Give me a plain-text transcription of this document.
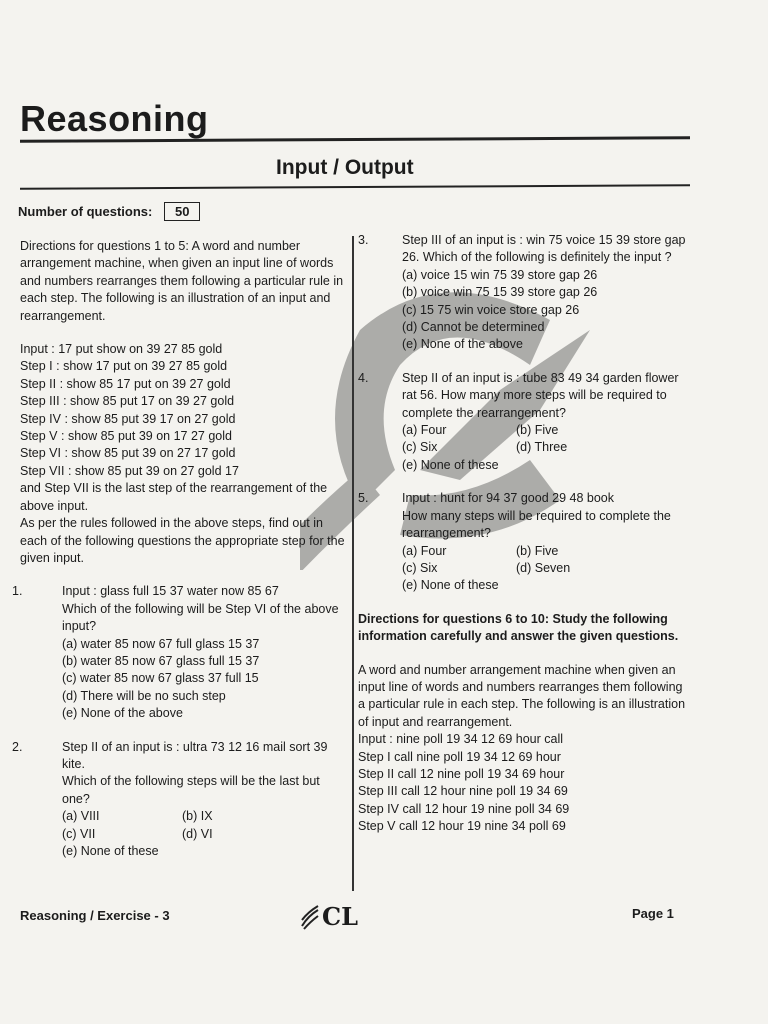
Reasoning
Input / Output
Number of questions: 50

Directions for questions 1 to 5: A word and number arrangement machine, when given an input line of words and numbers rearranges them following a particular rule in each step. The following is an illustration of an input and rearrangement.

Input : 17 put show on 39 27 85 gold

Step I : show 17 put on 39 27 85 gold

Step II : show 85 17 put on 39 27 gold

Step III : show 85 put 17 on 39 27 gold

Step IV : show 85 put 39 17 on 27 gold

Step V : show 85 put 39 on 17 27 gold

Step VI : show 85 put 39 on 27 17 gold

Step VII : show 85 put 39 on 27 gold 17

and Step VII is the last step of the rearrangement of the above input.

As per the rules followed in the above steps, find out in each of the following questions the appropriate step for the given input.

1.	Input : glass full 15 37 water now 85 67

Which of the following will be Step VI of the above input?

(a) water 85 now 67 full glass 15 37

(b) water 85 now 67 glass full 15 37

(c) water 85 now 67 glass 37 full 15

(d) There will be no such step

(e) None of the above

2.	Step II of an input is : ultra 73 12 16 mail sort 39 kite.

Which of the following steps will be the last but one?

(a) VIII	(b) IX
(c) VII	(d) VI

(e) None of these

3.	Step III of an input is : win 75 voice 15 39 store gap 26. Which of the following is definitely the input ?

(a) voice 15 win 75 39 store gap 26

(b) voice win 75 15 39 store gap 26

(c) 15 75 win voice store gap 26

(d) Cannot be determined

(e) None of the above

4.	Step II of an input is : tube 83 49 34 garden flower rat 56. How many more steps will be required to complete the rearrangement?

(a) Four	(b) Five
(c) Six	(d) Three

(e) None of these

5.	Input : hunt for 94 37 good 29 48 book

How many steps will be required to complete the rearrangement?

(a) Four	(b) Five
(c) Six	(d) Seven

(e) None of these

Directions for questions 6 to 10: Study the following information carefully and answer the given questions.

A word and number arrangement machine when given an input line of words and numbers rearranges them following a particular rule in each step. The following is an illustration of input and rearrangement.

Input : nine poll 19 34 12 69 hour call

Step I call nine poll 19 34 12 69 hour

Step II call 12 nine poll 19 34 69 hour

Step III call 12 hour nine poll 19 34 69

Step IV call 12 hour 19 nine poll 34 69

Step V call 12 hour 19 nine 34 poll 69

Reasoning / Exercise - 3	CL	Page 1
